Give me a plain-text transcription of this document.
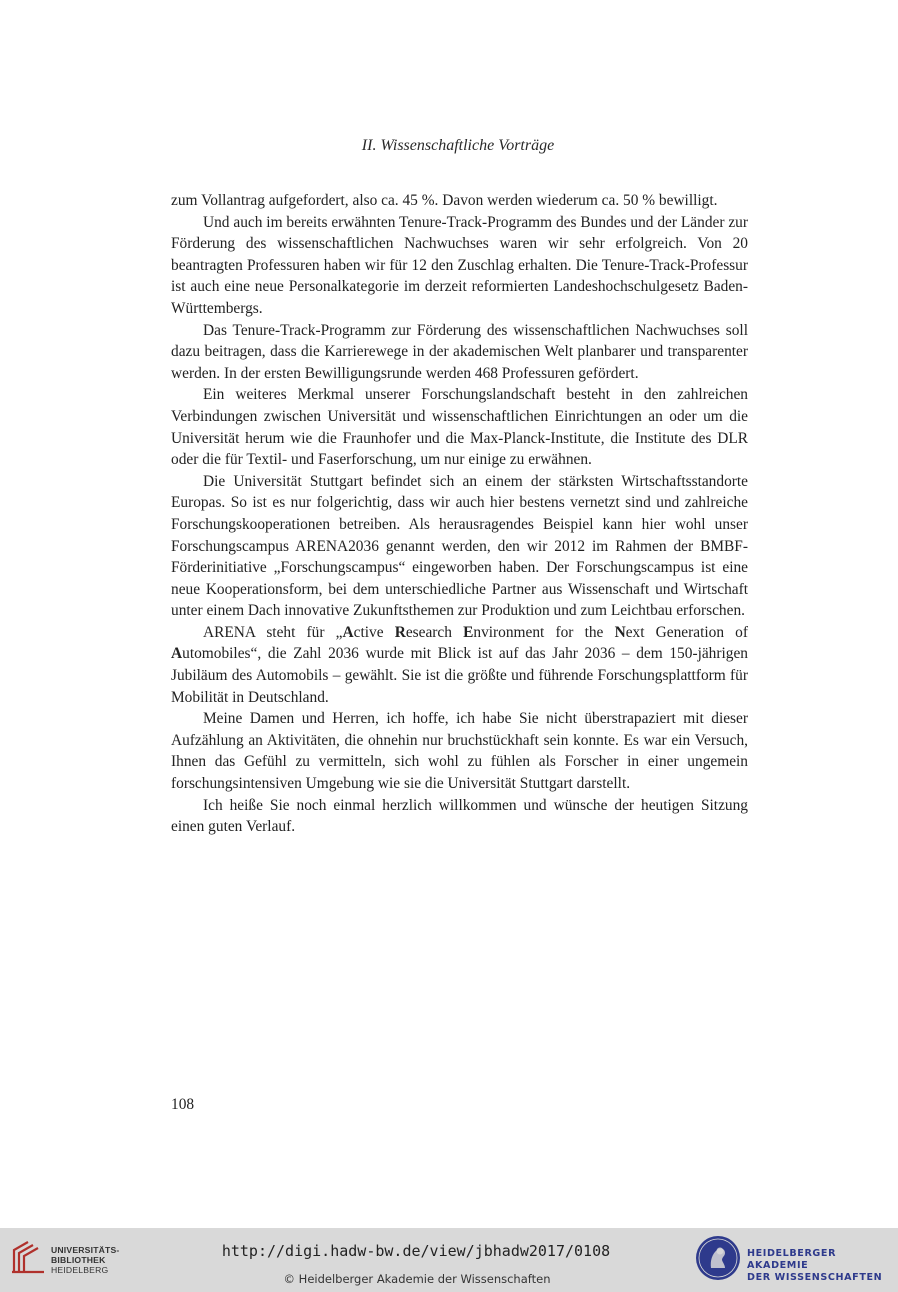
II. Wissenschaftliche Vorträge

zum Vollantrag aufgefordert, also ca. 45 %. Davon werden wiederum ca. 50 % bewilligt.

Und auch im bereits erwähnten Tenure-Track-Programm des Bundes und der Länder zur Förderung des wissenschaftlichen Nachwuchses waren wir sehr erfolgreich. Von 20 beantragten Professuren haben wir für 12 den Zuschlag erhalten. Die Tenure-Track-Professur ist auch eine neue Personalkategorie im derzeit reformierten Landeshochschulgesetz Baden-Württembergs.

Das Tenure-Track-Programm zur Förderung des wissenschaftlichen Nachwuchses soll dazu beitragen, dass die Karrierewege in der akademischen Welt planbarer und transparenter werden. In der ersten Bewilligungsrunde werden 468 Professuren gefördert.

Ein weiteres Merkmal unserer Forschungslandschaft besteht in den zahlreichen Verbindungen zwischen Universität und wissenschaftlichen Einrichtungen an oder um die Universität herum wie die Fraunhofer und die Max-Planck-Institute, die Institute des DLR oder die für Textil- und Faserforschung, um nur einige zu erwähnen.

Die Universität Stuttgart befindet sich an einem der stärksten Wirtschaftsstandorte Europas. So ist es nur folgerichtig, dass wir auch hier bestens vernetzt sind und zahlreiche Forschungskooperationen betreiben. Als herausragendes Beispiel kann hier wohl unser Forschungscampus ARENA2036 genannt werden, den wir 2012 im Rahmen der BMBF-Förderinitiative „Forschungscampus“ eingeworben haben. Der Forschungscampus ist eine neue Kooperationsform, bei dem unterschiedliche Partner aus Wissenschaft und Wirtschaft unter einem Dach innovative Zukunftsthemen zur Produktion und zum Leichtbau erforschen.

ARENA steht für „Active Research Environment for the Next Generation of Automobiles“, die Zahl 2036 wurde mit Blick ist auf das Jahr 2036 – dem 150-jährigen Jubiläum des Automobils – gewählt. Sie ist die größte und führende Forschungsplattform für Mobilität in Deutschland.

Meine Damen und Herren, ich hoffe, ich habe Sie nicht überstrapaziert mit dieser Aufzählung an Aktivitäten, die ohnehin nur bruchstückhaft sein konnte. Es war ein Versuch, Ihnen das Gefühl zu vermitteln, sich wohl zu fühlen als Forscher in einer ungemein forschungsintensiven Umgebung wie sie die Universität Stuttgart darstellt.

Ich heiße Sie noch einmal herzlich willkommen und wünsche der heutigen Sitzung einen guten Verlauf.

108
UNIVERSITÄTS-
BIBLIOTHEK
HEIDELBERG
http://digi.hadw-bw.de/view/jbhadw2017/0108
© Heidelberger Akademie der Wissenschaften
HEIDELBERGER AKADEMIE
DER WISSENSCHAFTEN
